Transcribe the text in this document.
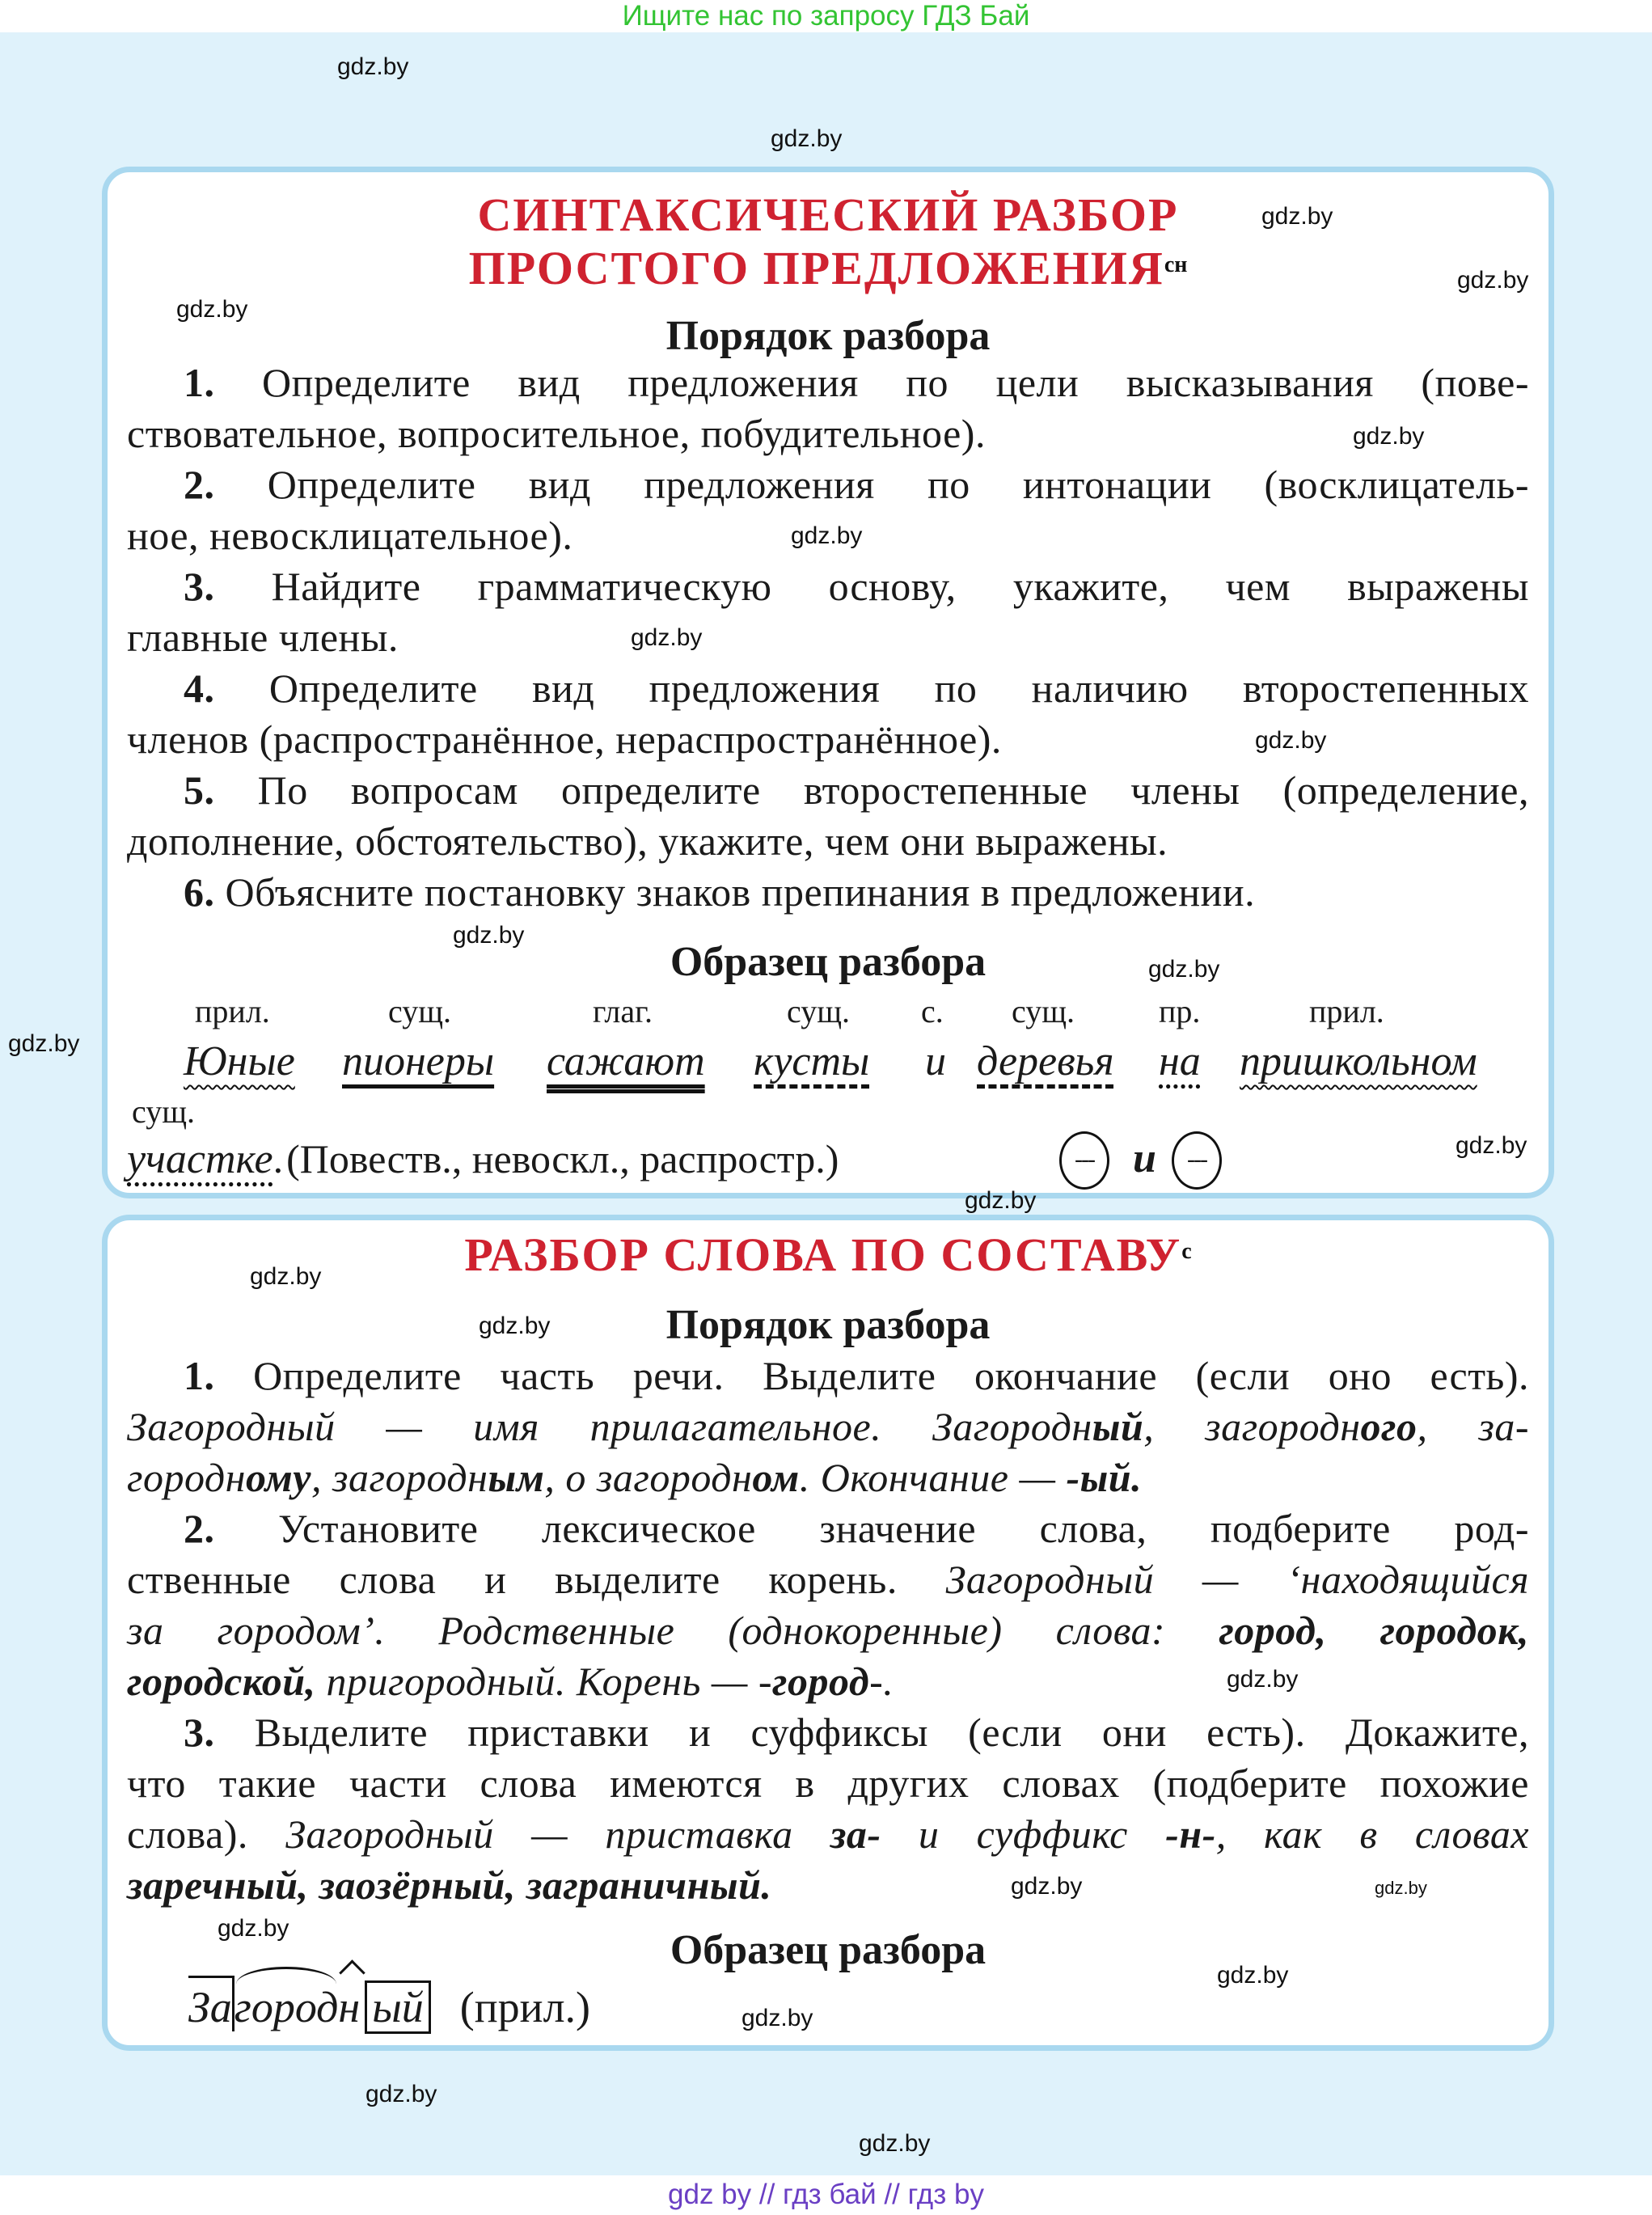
Ищите нас по запросу ГДЗ Бай
СИНТАКСИЧЕСКИЙ РАЗБОР
ПРОСТОГО $ПРЕДЛОЖЕНИЯ^{сн}$
Порядок разбора
1. Определите вид предложения по цели высказывания (пове-
ствовательное, вопросительное, побудительное).
2. Определите вид предложения по интонации (восклицатель-
ное, невосклицательное).
3. Найдите грамматическую основу, укажите, чем выражены
главные члены.
4. Определите вид предложения по наличию второстепенных
членов (распространённое, нераспространённое).
5. По вопросам определите второстепенные члены (определение,
дополнение, обстоятельство), укажите, чем они выражены.
6. Объясните постановку знаков препинания в предложении.
Образец разбора
прил.	сущ.	глаг.	сущ. с. сущ.	пр.	прил.
Юные пионеры сажают кусты и деревья на пришкольном
сущ.
участке. (Повеств., невоскл., распростр.)	--- и	---
РАЗБОР СЛОВА ПО $СОСТАВУ^с$
Порядок разбора
1. Определите часть речи. Выделите окончание (если оно есть).
Загородный — имя прилагательное. Загородный, загородного, за-
городному, загородным, о загородном. Окончание — -ый.
2. Установите лексическое значение слова, подберите род-
ственные слова и выделите корень. Загородный — ‘находящийся
за городом’. Родственные (однокоренные) слова: город, городок,
городской, пригородный. Корень — -город-.
3. Выделите приставки и суффиксы (если они есть). Докажите,
что такие части слова имеются в других словах (подберите похожие
слова). Загородный — приставка за- и суффикс -н-, как в словах
заречный, заозёрный, заграничный.
Образец разбора
Загородн ый (прил.)
gdz.by
gdz.by
gdz.by
gdz.by
gdz.by
gdz.by
gdz.by
gdz.by
gdz.by
gdz.by
gdz.by
gdz.by
gdz.by
gdz.by
gdz.by
gdz.by
gdz.by
gdz.by
gdz.by
gdz.by
gdz.by
gdz.by
gdz.by
gdz.by
gdz by // гдз бай // гдз by
